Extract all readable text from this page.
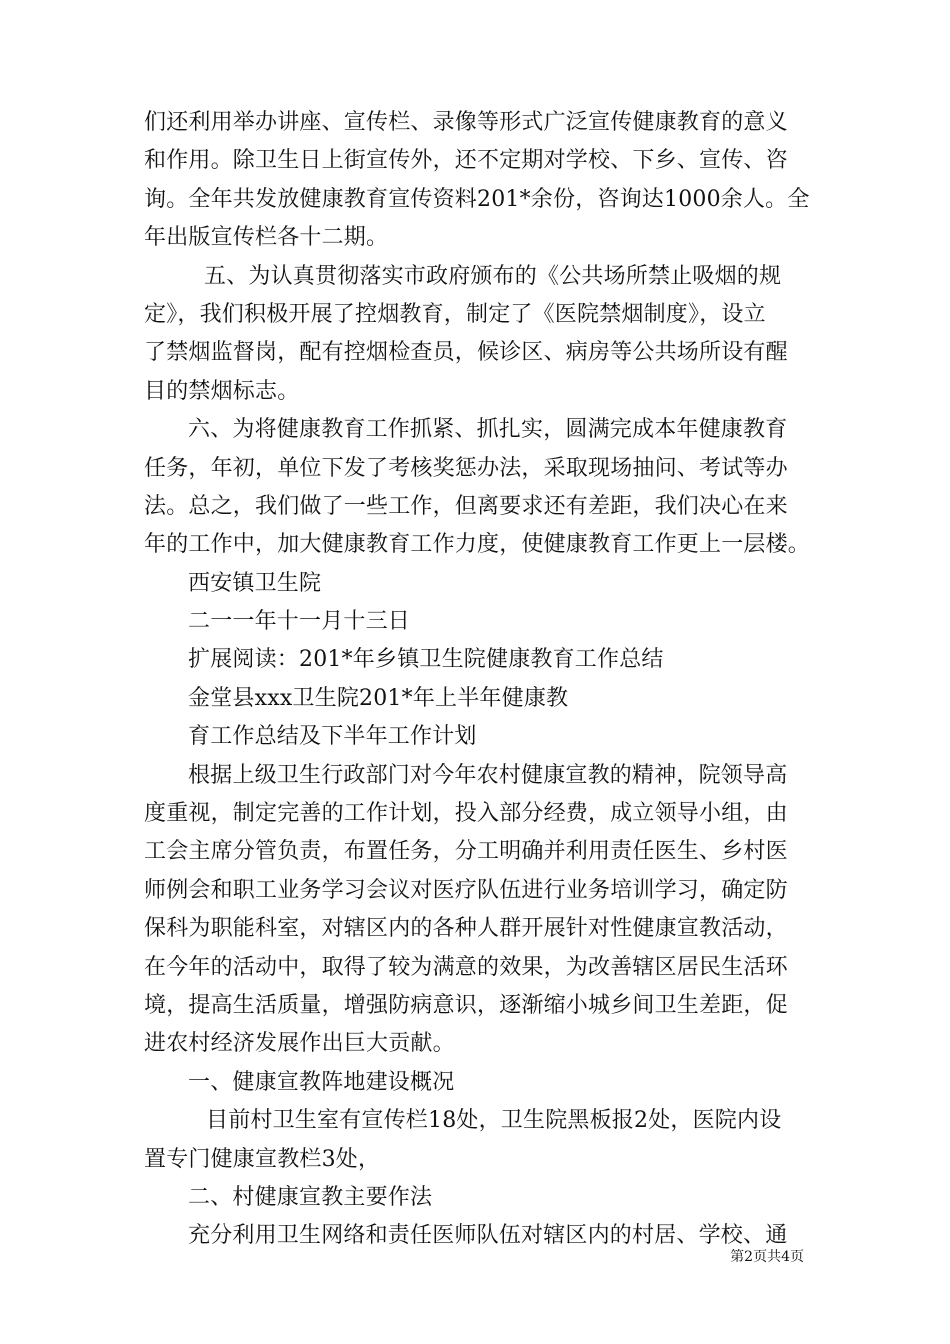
们还利用举办讲座、宣传栏、录像等形式广泛宣传健康教育的意义
和作用。除卫生日上街宣传外，还不定期对学校、下乡、宣传、咨
询。全年共发放健康教育宣传资料201*余份，咨询达1000余人。全
年出版宣传栏各十二期。
五、为认真贯彻落实市政府颁布的《公共场所禁止吸烟的规
定》，我们积极开展了控烟教育，制定了《医院禁烟制度》，设立
了禁烟监督岗，配有控烟检查员，候诊区、病房等公共场所设有醒
目的禁烟标志。
六、为将健康教育工作抓紧、抓扎实，圆满完成本年健康教育
任务，年初，单位下发了考核奖惩办法，采取现场抽问、考试等办
法。总之，我们做了一些工作，但离要求还有差距，我们决心在来
年的工作中，加大健康教育工作力度，使健康教育工作更上一层楼。
西安镇卫生院
二一一年十一月十三日
扩展阅读：201*年乡镇卫生院健康教育工作总结
金堂县xxx卫生院201*年上半年健康教
育工作总结及下半年工作计划
根据上级卫生行政部门对今年农村健康宣教的精神，院领导高
度重视，制定完善的工作计划，投入部分经费，成立领导小组，由
工会主席分管负责，布置任务，分工明确并利用责任医生、乡村医
师例会和职工业务学习会议对医疗队伍进行业务培训学习，确定防
保科为职能科室，对辖区内的各种人群开展针对性健康宣教活动，
在今年的活动中，取得了较为满意的效果，为改善辖区居民生活环
境，提高生活质量，增强防病意识，逐渐缩小城乡间卫生差距，促
进农村经济发展作出巨大贡献。
一、健康宣教阵地建设概况
目前村卫生室有宣传栏18处，卫生院黑板报2处，医院内设
置专门健康宣教栏3处，
二、村健康宣教主要作法
充分利用卫生网络和责任医师队伍对辖区内的村居、学校、通
第2页共4页
